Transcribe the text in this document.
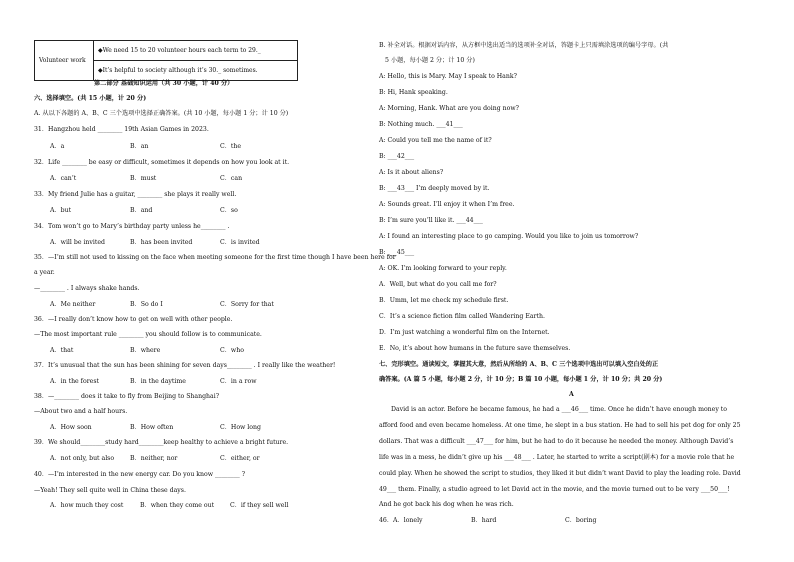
Volunteer work	◆We need 15 to 20 volunteer hours each term to 29._
◆It’s helpful to society although it’s 30._ sometimes.
第二部分 基础知识运用（共 30 小题，计 40 分）
六、选择填空。(共 15 小题，计 20 分)
A. 从以下各题的 A、B、C 三个选项中选择正确答案。(共 10 小题，每小题 1 分；计 10 分)
31．Hangzhou held ________ 19th Asian Games in 2023.
A．a	B．an	C．the
32．Life ________ be easy or difficult, sometimes it depends on how you look at it.
A．can’t	B．must	C．can
33．My friend Julie has a guitar, ________ she plays it really well.
A．but	B．and	C．so
34．Tom won’t go to Mary’s birthday party unless he________ .
A．will be invited	B．has been invited	C．is invited
35．—I’m still not used to kissing on the face when meeting someone for the first time though I have been here for
a year.
—________ . I always shake hands.
A．Me neither	B．So do I	C．Sorry for that
36．—I really don’t know how to get on well with other people.
—The most important rule ________ you should follow is to communicate.
A．that	B．where	C．who
37．It’s unusual that the sun has been shining for seven days________ . I really like the weather!
A．in the forest	B．in the daytime	C．in a row
38．—________ does it take to fly from Beijing to Shanghai?
—About two and a half hours.
A．How soon	B．How often	C．How long
39．We should________study hard________keep healthy to achieve a bright future.
A．not only, but also	B．neither, nor	C．either, or
40．—I’m interested in the new energy car. Do you know ________ ?
—Yeah! They sell quite well in China these days.
A．how much they cost	B．when they come out	C．if they sell well
B. 补全对话。根据对话内容，从方框中选出适当的选项补全对话，答题卡上只需填涂选项的编号字母。(共
5 小题，每小题 2 分；计 10 分)
A: Hello, this is Mary. May I speak to Hank?
B: Hi, Hank speaking.
A: Morning, Hank. What are you doing now?
B: Nothing much. ___41___
A: Could you tell me the name of it?
B: ___42___
A: Is it about aliens?
B: ___43___ I’m deeply moved by it.
A: Sounds great. I’ll enjoy it when I’m free.
B: I’m sure you’ll like it. ___44___
A: I found an interesting place to go camping. Would you like to join us tomorrow?
B: ___45___
A: OK. I’m looking forward to your reply.
A．Well, but what do you call me for?
B．Umm, let me check my schedule first.
C．It’s a science fiction film called Wandering Earth.
D．I’m just watching a wonderful film on the Internet.
E．No, it’s about how humans in the future save themselves.
七、完形填空。通读短文，掌握其大意，然后从所给的 A、B、C 三个选项中选出可以填入空白处的正
确答案。(A 篇 5 小题，每小题 2 分，计 10 分；B 篇 10 小题，每小题 1 分，计 10 分；共 20 分)
A
David is an actor. Before he became famous, he had a ___46___ time. Once he didn’t have enough money to
afford food and even became homeless. At one time, he slept in a bus station. He had to sell his pet dog for only 25
dollars. That was a difficult ___47___ for him, but he had to do it because he needed the money. Although David’s
life was in a mess, he didn’t give up his ___48___ . Later, he started to write a script(剧本) for a movie role that he
could play. When he showed the script to studios, they liked it but didn’t want David to play the leading role. David
49___ them. Finally, a studio agreed to let David act in the movie, and the movie turned out to be very ___50___!
And he got back his dog when he was rich.
46．A．lonely	B．hard	C．boring
